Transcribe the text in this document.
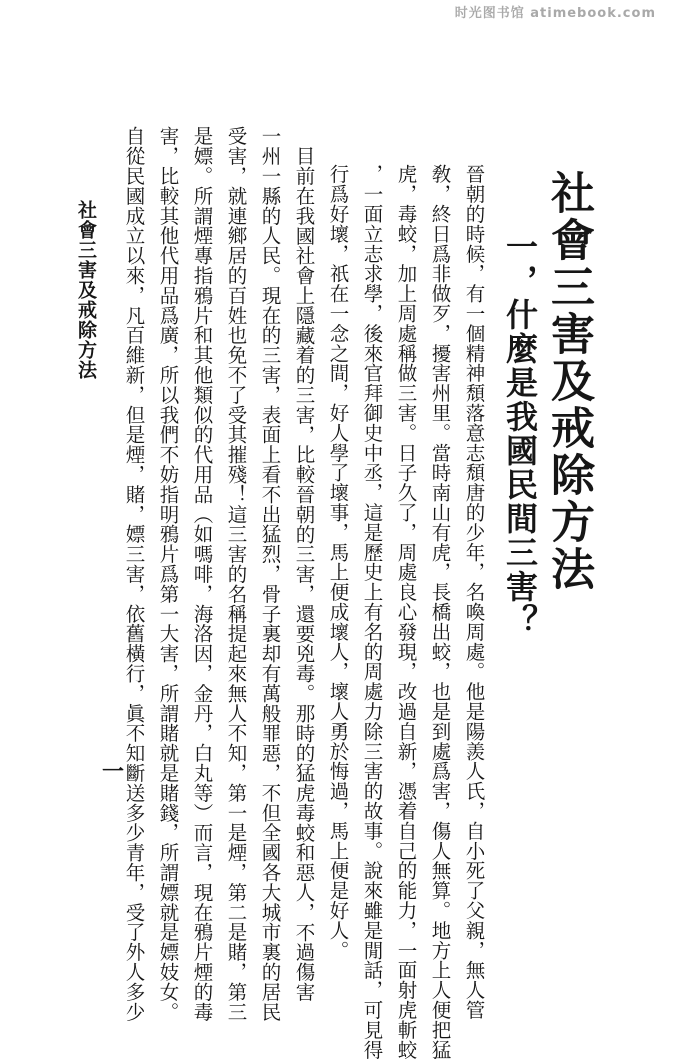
时光图书馆 atimebook.com
社會三害及戒除方法
一，什麼是我國民間三害？
晉朝的時候，有一個精神頹落意志頹唐的少年，名喚周處。他是陽羨人氏，自小死了父親，無人管
敎，終日爲非做歹，擾害州里。當時南山有虎，長橋出蛟，也是到處爲害，傷人無算。地方上人便把猛
虎，毒蛟，加上周處稱做三害。日子久了，周處良心發現，改過自新，憑着自己的能力，一面射虎斬蛟
，一面立志求學，後來官拜御史中丞，這是歷史上有名的周處力除三害的故事。說來雖是閒話，可見得
行爲好壞，祇在一念之間，好人學了壞事，馬上便成壞人，壞人勇於悔過，馬上便是好人。
目前在我國社會上隱藏着的三害，比較晉朝的三害，還要兇毒。那時的猛虎毒蛟和惡人，不過傷害
一州一縣的人民。現在的三害，表面上看不出猛烈，骨子裏却有萬般罪惡，不但全國各大城市裏的居民
受害，就連鄉居的百姓也免不了受其摧殘！這三害的名稱提起來無人不知，第一是煙，第二是賭，第三
是嫖。所謂煙專指鴉片和其他類似的代用品（如嗎啡，海洛因，金丹，白丸等）而言，現在鴉片煙的毒
害，比較其他代用品爲廣，所以我們不妨指明鴉片爲第一大害，所謂賭就是賭錢，所謂嫖就是嫖妓女。
自從民國成立以來，凡百維新，但是煙，賭，嫖三害，依舊橫行，眞不知斷送多少青年，受了外人多少
社會三害及戒除方法
一
